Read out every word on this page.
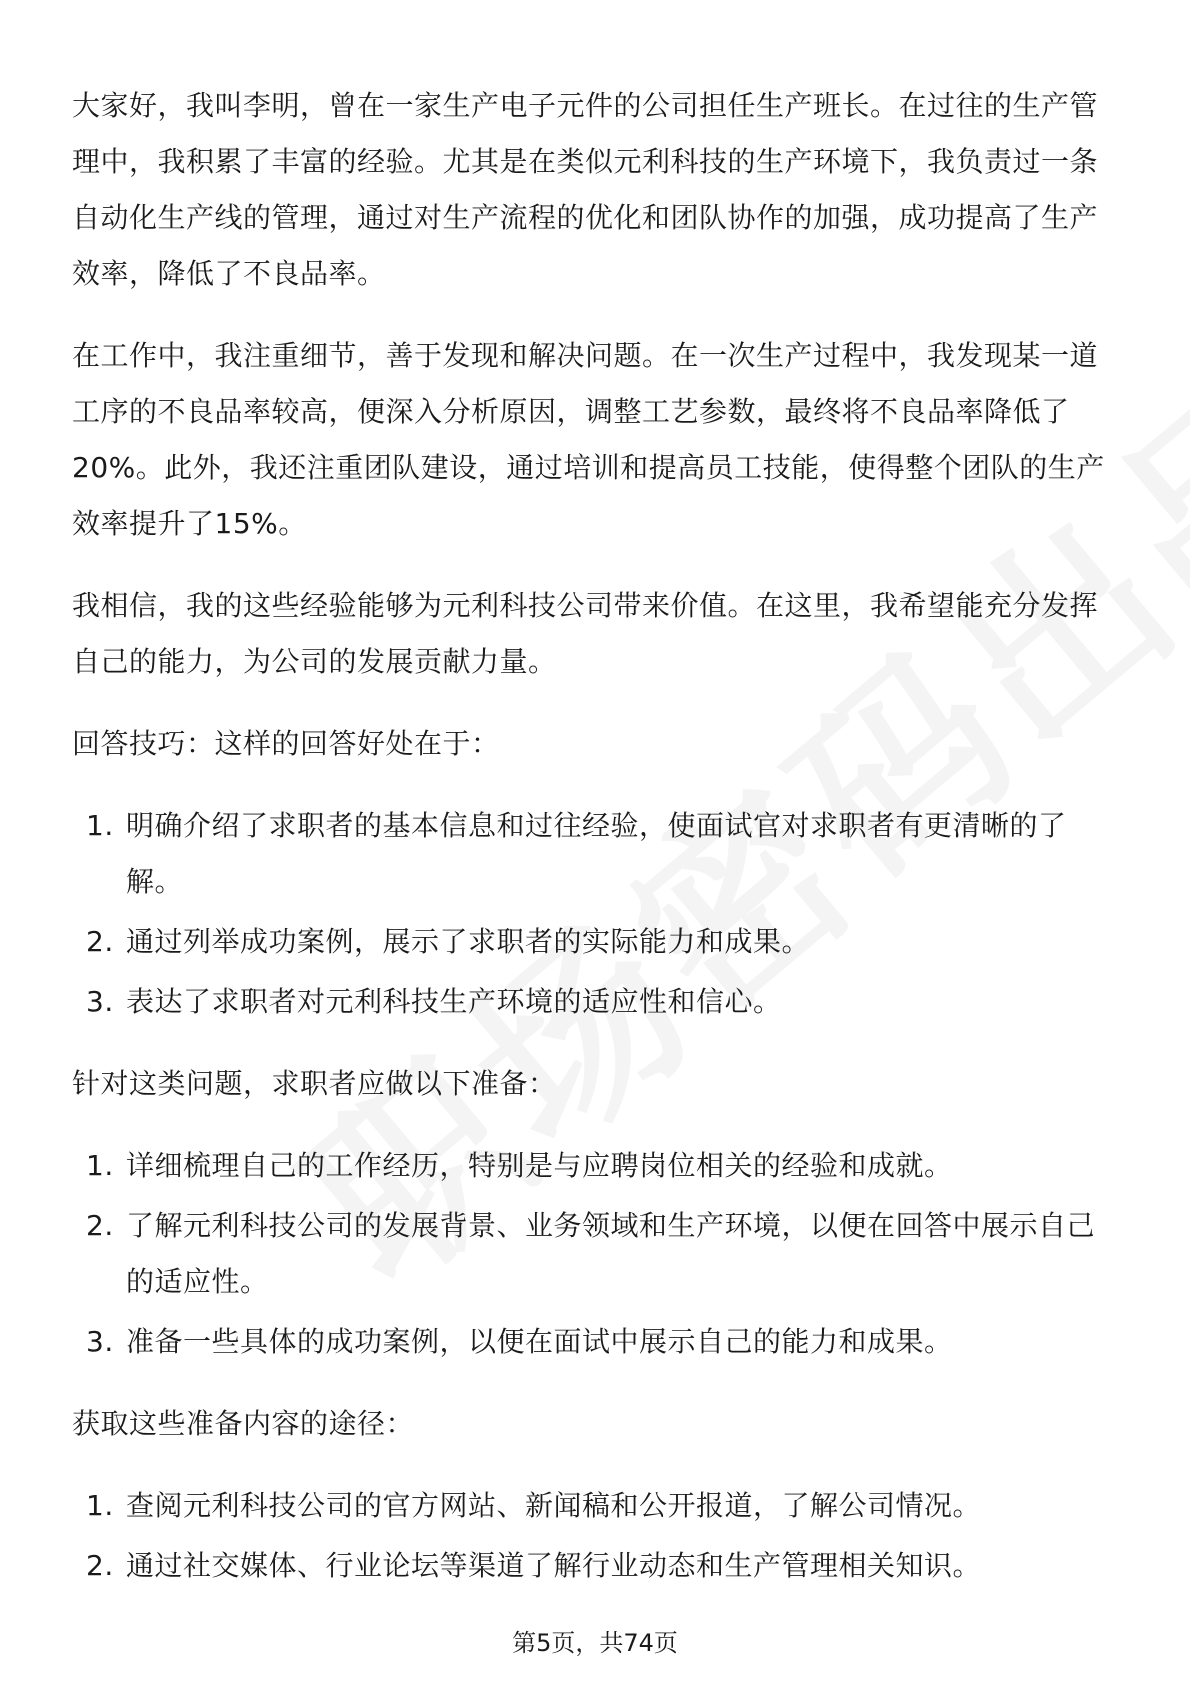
大家好，我叫李明，曾在一家生产电子元件的公司担任生产班长。在过往的生产管理中，我积累了丰富的经验。尤其是在类似元利科技的生产环境下，我负责过一条自动化生产线的管理，通过对生产流程的优化和团队协作的加强，成功提高了生产效率，降低了不良品率。

在工作中，我注重细节，善于发现和解决问题。在一次生产过程中，我发现某一道工序的不良品率较高，便深入分析原因，调整工艺参数，最终将不良品率降低了20%。此外，我还注重团队建设，通过培训和提高员工技能，使得整个团队的生产效率提升了15%。

我相信，我的这些经验能够为元利科技公司带来价值。在这里，我希望能充分发挥自己的能力，为公司的发展贡献力量。

回答技巧：这样的回答好处在于：

1. 明确介绍了求职者的基本信息和过往经验，使面试官对求职者有更清晰的了解。
2. 通过列举成功案例，展示了求职者的实际能力和成果。
3. 表达了求职者对元利科技生产环境的适应性和信心。

针对这类问题，求职者应做以下准备：

1. 详细梳理自己的工作经历，特别是与应聘岗位相关的经验和成就。
2. 了解元利科技公司的发展背景、业务领域和生产环境，以便在回答中展示自己的适应性。
3. 准备一些具体的成功案例，以便在面试中展示自己的能力和成果。

获取这些准备内容的途径：

1. 查阅元利科技公司的官方网站、新闻稿和公开报道，了解公司情况。
2. 通过社交媒体、行业论坛等渠道了解行业动态和生产管理相关知识。
第5页，共74页
